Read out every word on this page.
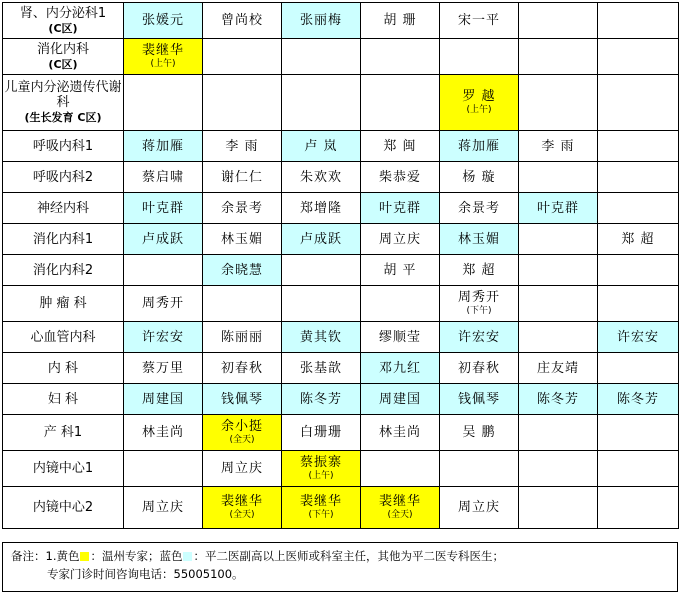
肾、内分泌科1
(C区)	张媛元	曾尚校	张丽梅	胡 珊	宋一平		

消化内科
(C区)	裴继华
(上午)						

儿童内分泌遗传代谢科
(生长发育 C区)					罗 越
(上午)		

呼吸内科1	蒋加雁	李 雨	卢 岚	郑 闽	蒋加雁	李 雨	

呼吸内科2	蔡启啸	谢仁仁	朱欢欢	柴恭爱	杨 璇		

神经内科	叶克群	余景考	郑增隆	叶克群	余景考	叶克群	

消化内科1	卢成跃	林玉媚	卢成跃	周立庆	林玉媚		郑 超

消化内科2		余晓慧		胡 平	郑 超		

肿 瘤 科	周秀开				周秀开
(下午)		

心血管内科	许宏安	陈丽丽	黄其钦	缪顺莹	许宏安		许宏安

内 科	蔡万里	初春秋	张基歆	邓九红	初春秋	庄友靖	

妇 科	周建国	钱佩琴	陈冬芳	周建国	钱佩琴	陈冬芳	陈冬芳

产 科1	林圭尚	余小挺
(全天)	白珊珊	林圭尚	吴 鹏		

内镜中心1		周立庆	蔡振寨
(上午)				

内镜中心2	周立庆	裴继华
(全天)	裴继华
(下午)	裴继华
(全天)	周立庆		

备注：1.黄色 ：温州专家；蓝色 ：平二医副高以上医师或科室主任，其他为平二医专科医生；
专家门诊时间咨询电话：55005100。
